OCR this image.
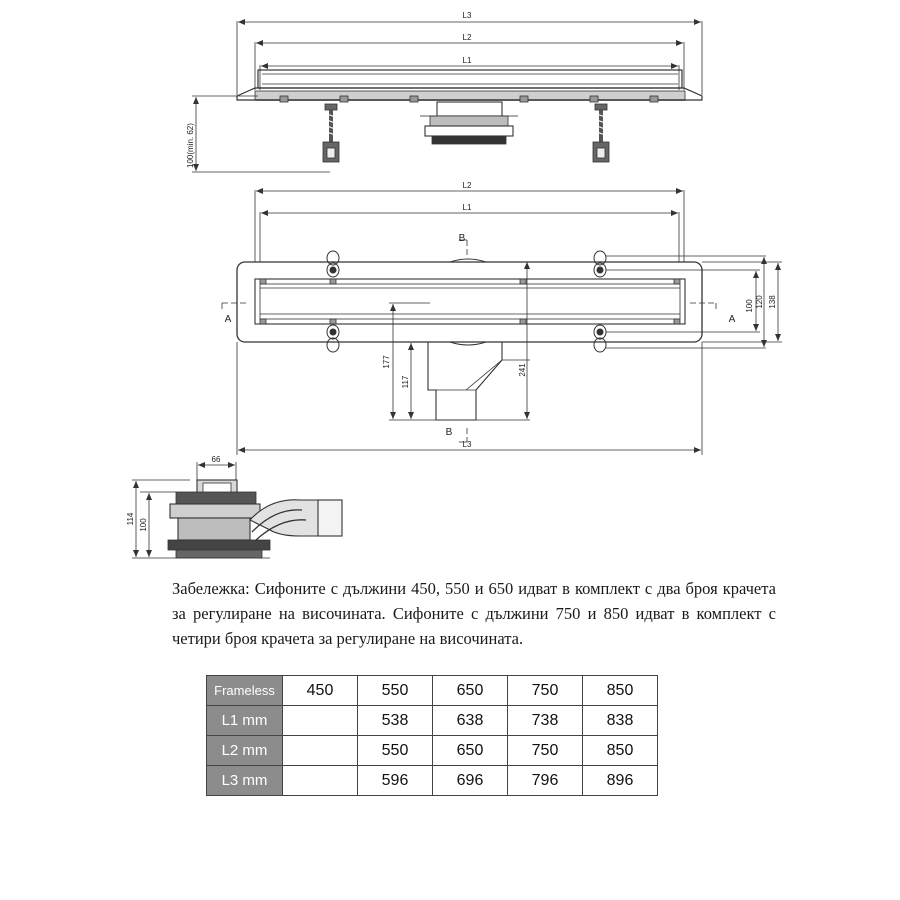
L3
L2
L1
100(min. 62)
L2
L1
100 120 138
177
117
241
L3
66
114 100
A	A
B
B
Забележка: Сифоните с дължини 450, 550 и 650 идват в комплект с два броя крачета за регулиране на височината. Сифоните с дължини 750 и 850 идват в комплект с четири броя крачета за регулиране на височината.
Frameless	450	550	650	750	850
L1 mm		538	638	738	838
L2 mm		550	650	750	850
L3 mm		596	696	796	896
